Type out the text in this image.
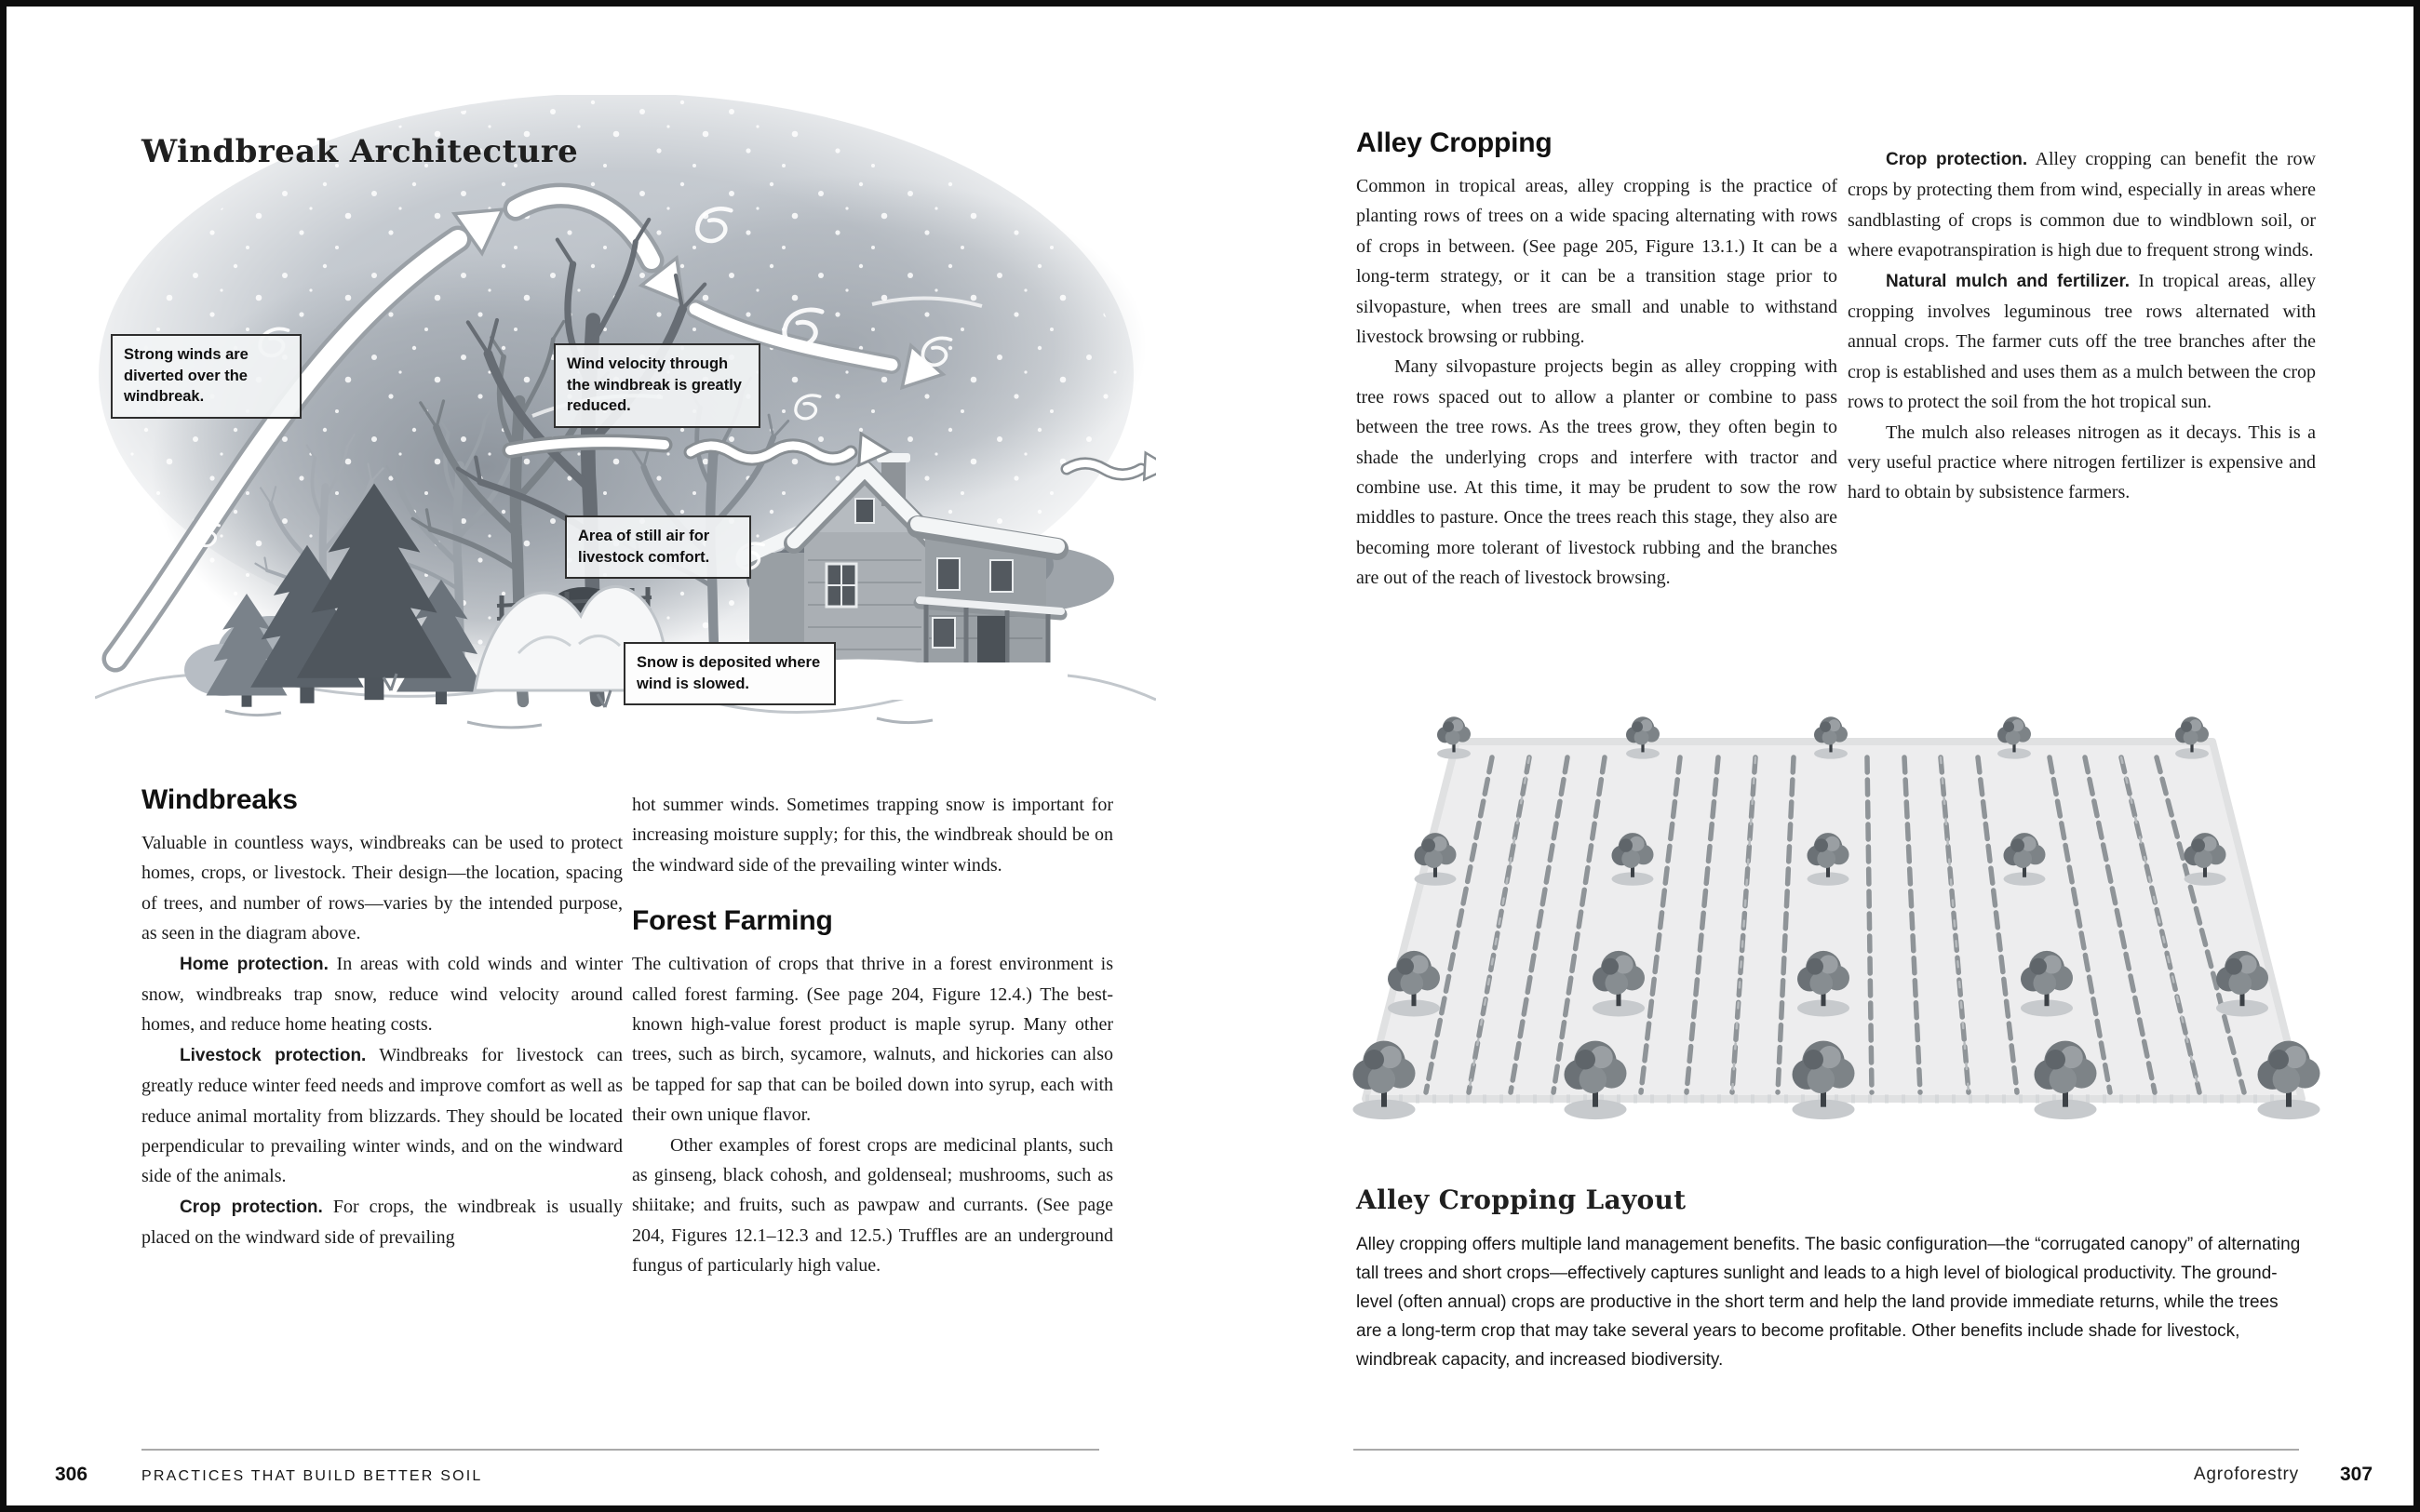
Strong winds are diverted over the windbreak.
Wind velocity through the windbreak is greatly reduced.
Area of still air for livestock comfort.
Snow is deposited where wind is slowed.
Windbreak Architecture
Windbreaks

Valuable in countless ways, windbreaks can be used to protect homes, crops, or livestock. Their design—the location, spacing of trees, and number of rows—varies by the intended purpose, as seen in the diagram above.

Home protection. In areas with cold winds and winter snow, windbreaks trap snow, reduce wind velocity around homes, and reduce home heating costs.

Livestock protection. Windbreaks for livestock can greatly reduce winter feed needs and improve comfort as well as reduce animal mortality from blizzards. They should be located perpendicular to prevailing winter winds, and on the windward side of the animals.

Crop protection. For crops, the windbreak is usually placed on the windward side of prevailing

hot summer winds. Sometimes trapping snow is important for increasing moisture supply; for this, the windbreak should be on the windward side of the prevailing winter winds.

Forest Farming

The cultivation of crops that thrive in a forest environment is called forest farming. (See page 204, Figure 12.4.) The best-known high-value forest product is maple syrup. Many other trees, such as birch, sycamore, walnuts, and hickories can also be tapped for sap that can be boiled down into syrup, each with their own unique flavor.

Other examples of forest crops are medicinal plants, such as ginseng, black cohosh, and goldenseal; mushrooms, such as shiitake; and fruits, such as pawpaw and currants. (See page 204, Figures 12.1–12.3 and 12.5.) Truffles are an underground fungus of particularly high value.

306	PRACTICES THAT BUILD BETTER SOIL
Alley Cropping

Common in tropical areas, alley cropping is the practice of planting rows of trees on a wide spacing alternating with rows of crops in between. (See page 205, Figure 13.1.) It can be a long-term strategy, or it can be a transition stage prior to silvopasture, when trees are small and unable to withstand livestock browsing or rubbing.

Many silvopasture projects begin as alley cropping with tree rows spaced out to allow a planter or combine to pass between the tree rows. As the trees grow, they often begin to shade the underlying crops and interfere with tractor and combine use. At this time, it may be prudent to sow the row middles to pasture. Once the trees reach this stage, they also are becoming more tolerant of livestock rubbing and the branches are out of the reach of livestock browsing.

Crop protection. Alley cropping can benefit the row crops by protecting them from wind, especially in areas where sandblasting of crops is common due to windblown soil, or where evapotranspiration is high due to frequent strong winds.

Natural mulch and fertilizer. In tropical areas, alley cropping involves leguminous tree rows alternated with annual crops. The farmer cuts off the tree branches after the crop is established and uses them as a mulch between the crop rows to protect the soil from the hot tropical sun.

The mulch also releases nitrogen as it decays. This is a very useful practice where nitrogen fertilizer is expensive and hard to obtain by subsistence farmers.

Alley Cropping Layout

Alley cropping offers multiple land management benefits. The basic configuration—the “corrugated canopy” of alternating tall trees and short crops—effectively captures sunlight and leads to a high level of biological productivity. The ground-level (often annual) crops are productive in the short term and help the land provide immediate returns, while the trees are a long-term crop that may take several years to become profitable. Other benefits include shade for livestock, windbreak capacity, and increased biodiversity.

Agroforestry 307
